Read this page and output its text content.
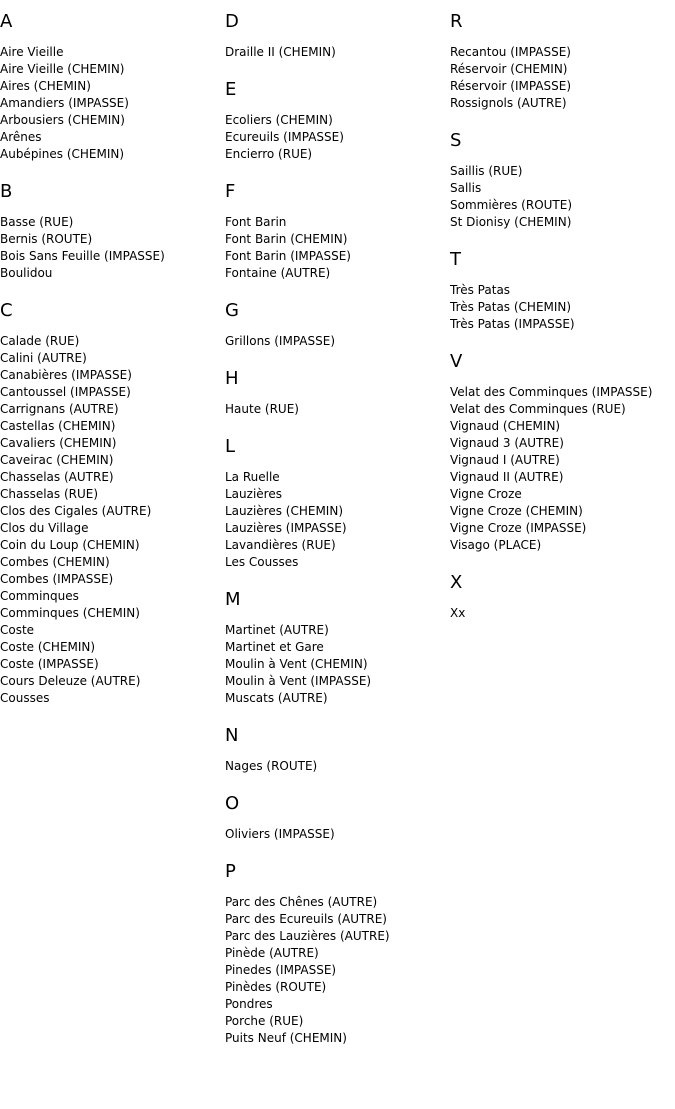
A
Aire Vieille
Aire Vieille (CHEMIN)
Aires (CHEMIN)
Amandiers (IMPASSE)
Arbousiers (CHEMIN)
Arênes
Aubépines (CHEMIN)
B
Basse (RUE)
Bernis (ROUTE)
Bois Sans Feuille (IMPASSE)
Boulidou
C
Calade (RUE)
Calini (AUTRE)
Canabières (IMPASSE)
Cantoussel (IMPASSE)
Carrignans (AUTRE)
Castellas (CHEMIN)
Cavaliers (CHEMIN)
Caveirac (CHEMIN)
Chasselas (AUTRE)
Chasselas (RUE)
Clos des Cigales (AUTRE)
Clos du Village
Coin du Loup (CHEMIN)
Combes (CHEMIN)
Combes (IMPASSE)
Comminques
Comminques (CHEMIN)
Coste
Coste (CHEMIN)
Coste (IMPASSE)
Cours Deleuze (AUTRE)
Cousses
D
Draille II (CHEMIN)
E
Ecoliers (CHEMIN)
Ecureuils (IMPASSE)
Encierro (RUE)
F
Font Barin
Font Barin (CHEMIN)
Font Barin (IMPASSE)
Fontaine (AUTRE)
G
Grillons (IMPASSE)
H
Haute (RUE)
L
La Ruelle
Lauzières
Lauzières (CHEMIN)
Lauzières (IMPASSE)
Lavandières (RUE)
Les Cousses
M
Martinet (AUTRE)
Martinet et Gare
Moulin à Vent (CHEMIN)
Moulin à Vent (IMPASSE)
Muscats (AUTRE)
N
Nages (ROUTE)
O
Oliviers (IMPASSE)
P
Parc des Chênes (AUTRE)
Parc des Ecureuils (AUTRE)
Parc des Lauzières (AUTRE)
Pinède (AUTRE)
Pinedes (IMPASSE)
Pinèdes (ROUTE)
Pondres
Porche (RUE)
Puits Neuf (CHEMIN)
R
Recantou (IMPASSE)
Réservoir (CHEMIN)
Réservoir (IMPASSE)
Rossignols (AUTRE)
S
Saillis (RUE)
Sallis
Sommières (ROUTE)
St Dionisy (CHEMIN)
T
Très Patas
Très Patas (CHEMIN)
Très Patas (IMPASSE)
V
Velat des Comminques (IMPASSE)
Velat des Comminques (RUE)
Vignaud (CHEMIN)
Vignaud 3 (AUTRE)
Vignaud I (AUTRE)
Vignaud II (AUTRE)
Vigne Croze
Vigne Croze (CHEMIN)
Vigne Croze (IMPASSE)
Visago (PLACE)
X
Xx
